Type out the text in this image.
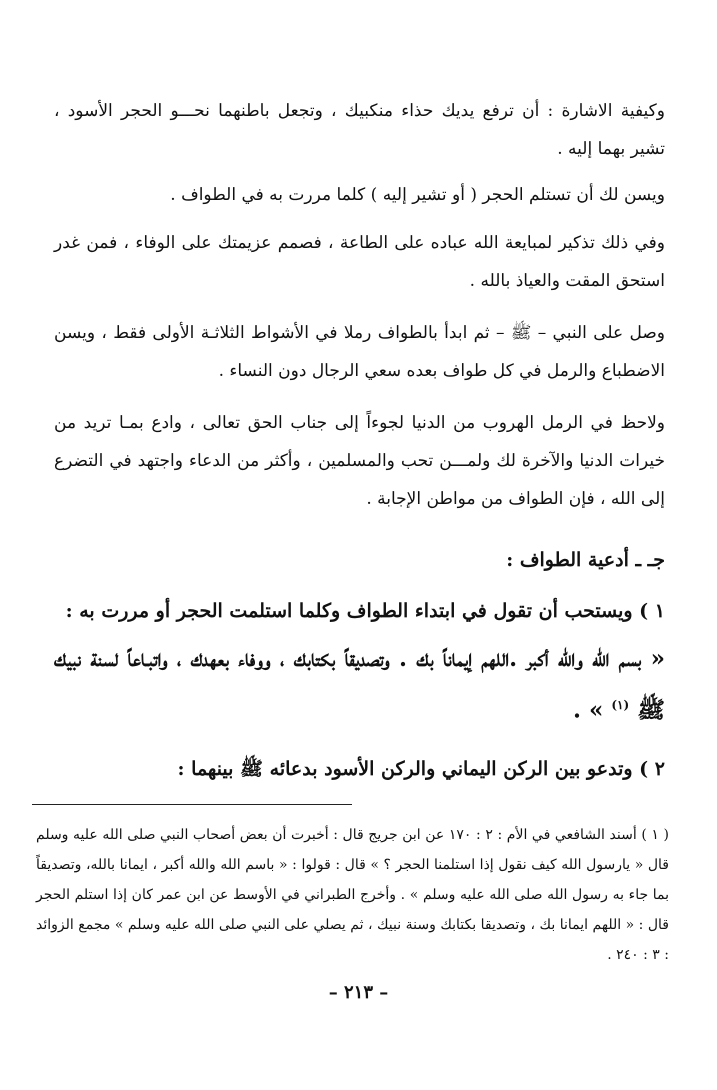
وكيفية الاشارة : أن ترفع يديك حذاء منكبيك ، وتجعل باطنهما نحـــو الحجر الأسود ، تشير بهما إليه .

ويسن لك أن تستلم الحجر ( أو تشير إليه ) كلما مررت به في الطواف .

وفي ذلك تذكير لمبايعة الله عباده على الطاعة ، فصمم عزيمتك على الوفاء ، فمن غدر استحق المقت والعياذ بالله .

وصل على النبي – ﷺ – ثم ابدأ بالطواف رملا في الأشواط الثلاثـة الأولى فقط ، ويسن الاضطباع والرمل في كل طواف بعده سعي الرجال دون النساء .

ولاحظ في الرمل الهروب من الدنيا لجوءاً إلى جناب الحق تعالى ، وادع بمـا تريد من خيرات الدنيا والآخرة لك ولمـــن تحب والمسلمين ، وأكثر من الدعاء واجتهد في التضرع إلى الله ، فإن الطواف من مواطن الإجابة .

جـ ـ أدعية الطواف :

١ ) ويستحب أن تقول في ابتداء الطواف وكلما استلمت الحجر أو مررت به :

« بسم الله والله أكبر .اللهم إيماناً بك . وتصديقاً بكتابك ، ووفاء بعهدك ، واتبـاعاً لسنة نبيك ﷺ $^{(١)}$ » .

٢ ) وتدعو بين الركن اليماني والركن الأسود بدعائه ﷺ بينهما :

( ١ ) أسند الشافعي في الأم : ٢ : ١٧٠ عن ابن جريج قال : أخبرت أن بعض أصحاب النبي صلى الله عليه وسلم قال « يارسول الله كيف نقول إذا استلمنا الحجر ؟ » قال : قولوا : « باسم الله والله أكبر ، ايمانا بالله، وتصديقاً بما جاء به رسول الله صلى الله عليه وسلم » . وأخرج الطبراني في الأوسط عن ابن عمر كان إذا استلم الحجر قال : « اللهم ايمانا بك ، وتصديقا بكتابك وسنة نبيك ، ثم يصلي على النبي صلى الله عليه وسلم » مجمع الزوائد : ٣ : ٢٤٠ .

– ٢١٣ –
